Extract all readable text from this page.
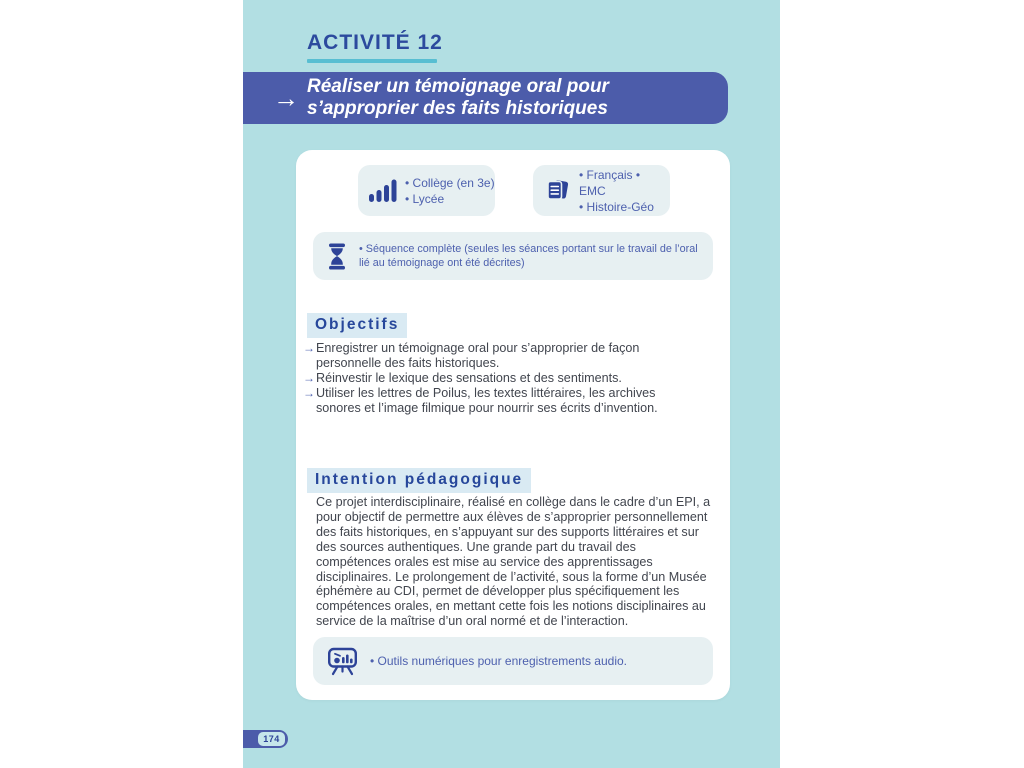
ACTIVITÉ 12
→ Réaliser un témoignage oral pour
s’approprier des faits historiques
• Collège (en 3e)
• Lycée
• Français • EMC
• Histoire-Géo
• Séquence complète (seules les séances portant sur le travail de l’oral lié au témoignage ont été décrites)
Objectifs
→ Enregistrer un témoignage oral pour s’approprier de façon personnelle des faits historiques.
→ Réinvestir le lexique des sensations et des sentiments.
→ Utiliser les lettres de Poilus, les textes littéraires, les archives sonores et l’image filmique pour nourrir ses écrits d’invention.
Intention pédagogique

Ce projet interdisciplinaire, réalisé en collège dans le cadre d’un EPI, a pour objectif de permettre aux élèves de s’approprier personnellement des faits historiques, en s’appuyant sur des supports littéraires et sur des sources authentiques. Une grande part du travail des compétences orales est mise au service des apprentissages disciplinaires. Le prolongement de l’activité, sous la forme d’un Musée éphémère au CDI, permet de développer plus spécifiquement les compétences orales, en mettant cette fois les notions disciplinaires au service de la maîtrise d’un oral normé et de l’interaction.

• Outils numériques pour enregistrements audio.
174
